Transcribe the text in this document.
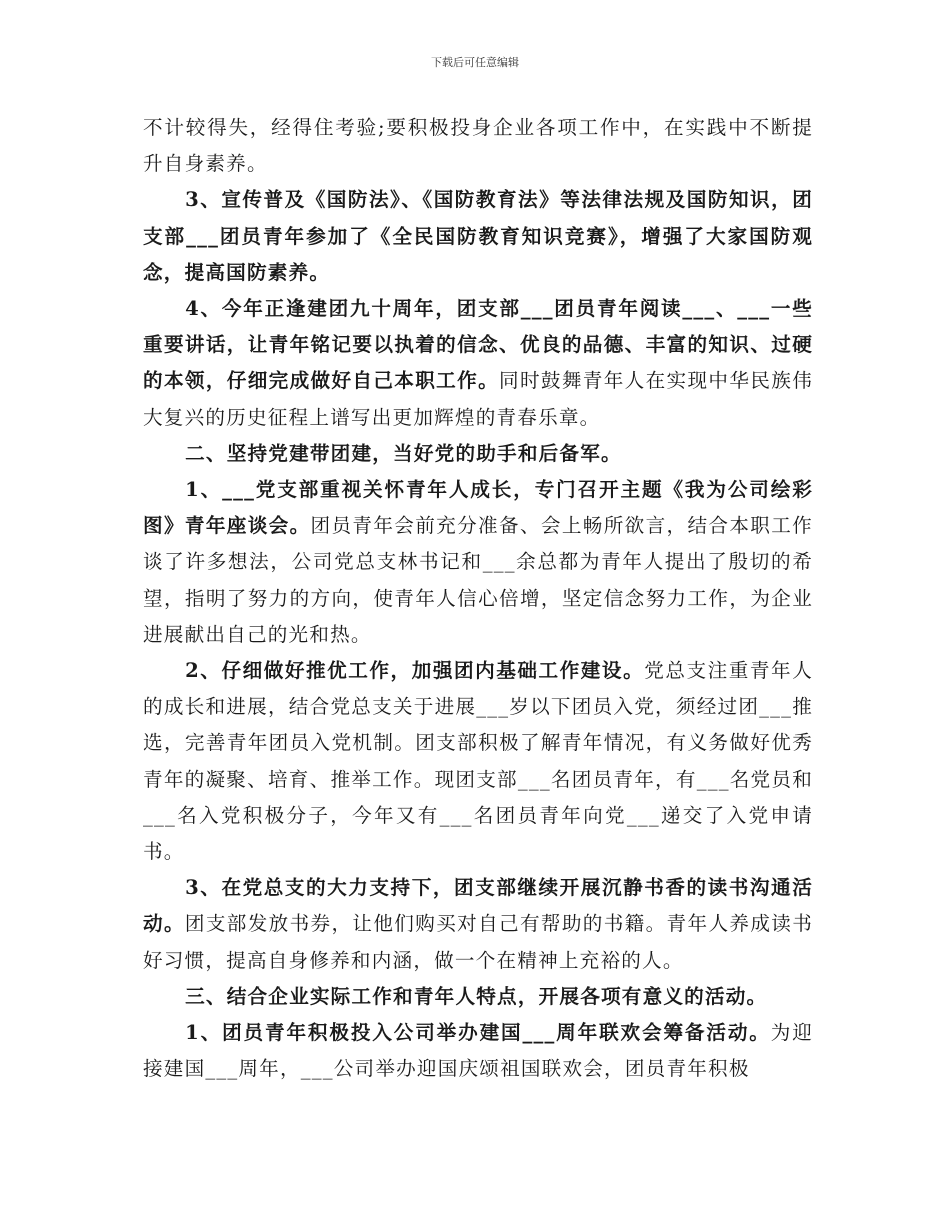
下载后可任意编辑

不计较得失，经得住考验;要积极投身企业各项工作中，在实践中不断提升自身素养。

3、宣传普及《国防法》、《国防教育法》等法律法规及国防知识，团支部___团员青年参加了《全民国防教育知识竞赛》，增强了大家国防观念，提高国防素养。

4、今年正逢建团九十周年，团支部___团员青年阅读___、___一些重要讲话，让青年铭记要以执着的信念、优良的品德、丰富的知识、过硬的本领，仔细完成做好自己本职工作。同时鼓舞青年人在实现中华民族伟大复兴的历史征程上谱写出更加辉煌的青春乐章。

二、坚持党建带团建，当好党的助手和后备军。

1、___党支部重视关怀青年人成长，专门召开主题《我为公司绘彩图》青年座谈会。团员青年会前充分准备、会上畅所欲言，结合本职工作谈了许多想法，公司党总支林书记和___余总都为青年人提出了殷切的希望，指明了努力的方向，使青年人信心倍增，坚定信念努力工作，为企业进展献出自己的光和热。

2、仔细做好推优工作，加强团内基础工作建设。党总支注重青年人的成长和进展，结合党总支关于进展___岁以下团员入党，须经过团___推选，完善青年团员入党机制。团支部积极了解青年情况，有义务做好优秀青年的凝聚、培育、推举工作。现团支部___名团员青年，有___名党员和___名入党积极分子，今年又有___名团员青年向党___递交了入党申请书。

3、在党总支的大力支持下，团支部继续开展沉静书香的读书沟通活动。团支部发放书券，让他们购买对自己有帮助的书籍。青年人养成读书好习惯，提高自身修养和内涵，做一个在精神上充裕的人。

三、结合企业实际工作和青年人特点，开展各项有意义的活动。

1、团员青年积极投入公司举办建国___周年联欢会筹备活动。为迎接建国___周年，___公司举办迎国庆颂祖国联欢会，团员青年积极
